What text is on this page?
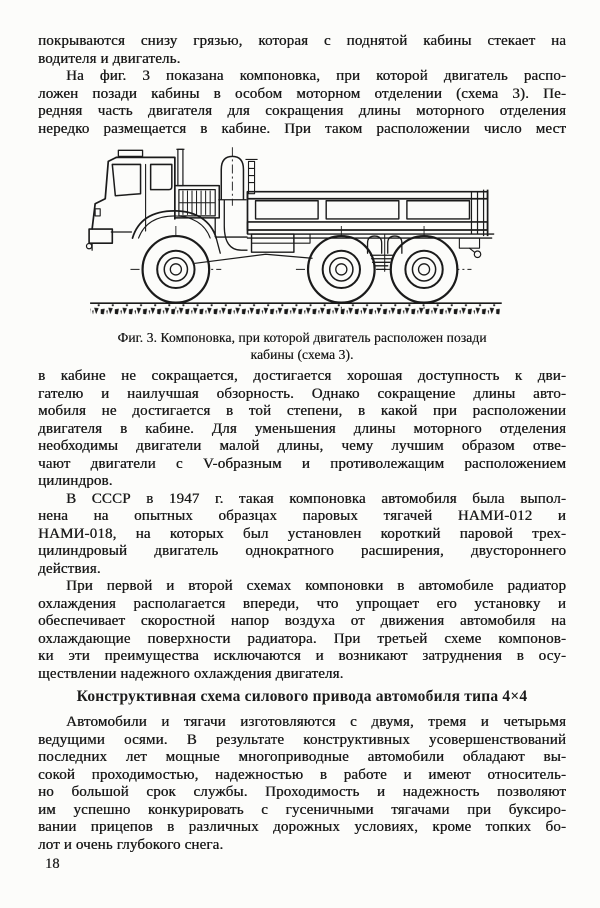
покрываются снизу грязью, которая с поднятой кабины стекает на
водителя и двигатель.
На фиг. 3 показана компоновка, при которой двигатель распо-
ложен позади кабины в особом моторном отделении (схема 3). Пе-
редняя часть двигателя для сокращения длины моторного отделения
нередко размещается в кабине. При таком расположении число мест
Фиг. 3. Компоновка, при которой двигатель расположен позади
кабины (схема 3).
в кабине не сокращается, достигается хорошая доступность к дви-
гателю и наилучшая обзорность. Однако сокращение длины авто-
мобиля не достигается в той степени, в какой при расположении
двигателя в кабине. Для уменьшения длины моторного отделения
необходимы двигатели малой длины, чему лучшим образом отве-
чают двигатели с V-образным и противолежащим расположением
цилиндров.
В СССР в 1947 г. такая компоновка автомобиля была выпол-
нена на опытных образцах паровых тягачей НАМИ-012 и
НАМИ-018, на которых был установлен короткий паровой трех-
цилиндровый двигатель однократного расширения, двустороннего
действия.
При первой и второй схемах компоновки в автомобиле радиатор
охлаждения располагается впереди, что упрощает его установку и
обеспечивает скоростной напор воздуха от движения автомобиля на
охлаждающие поверхности радиатора. При третьей схеме компонов-
ки эти преимущества исключаются и возникают затруднения в осу-
ществлении надежного охлаждения двигателя.
Конструктивная схема силового привода автомобиля типа 4×4
Автомобили и тягачи изготовляются с двумя, тремя и четырьмя
ведущими осями. В результате конструктивных усовершенствований
последних лет мощные многоприводные автомобили обладают вы-
сокой проходимостью, надежностью в работе и имеют относитель-
но большой срок службы. Проходимость и надежность позволяют
им успешно конкурировать с гусеничными тягачами при буксиро-
вании прицепов в различных дорожных условиях, кроме топких бо-
лот и очень глубокого снега.
18
